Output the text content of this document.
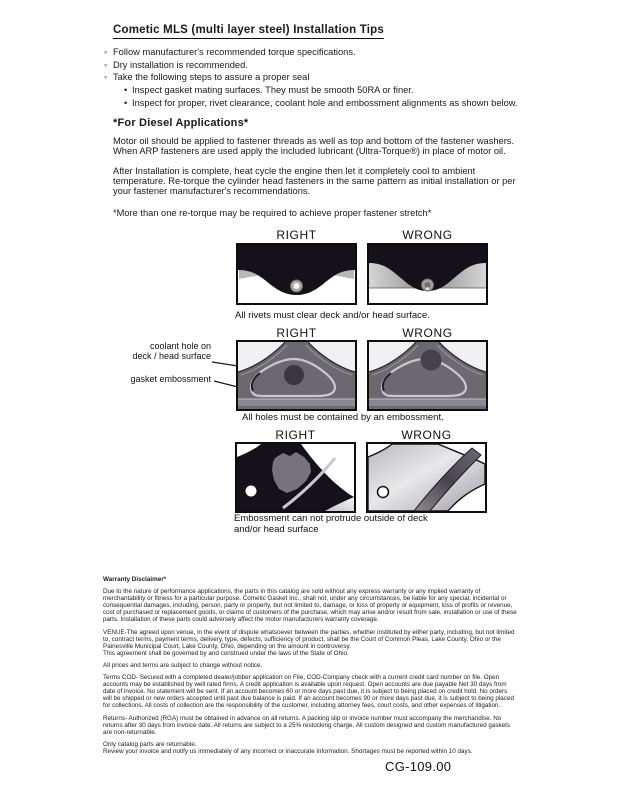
Cometic MLS (multi layer steel) Installation Tips
◦ Follow manufacturer's recommended torque specifications.
◦ Dry installation is recommended.
◦ Take the following steps to assure a proper seal
• Inspect gasket mating surfaces. They must be smooth 50RA or finer.
• Inspect for proper, rivet clearance, coolant hole and embossment alignments as shown below.
*For Diesel Applications*
Motor oil should be applied to fastener threads as well as top and bottom of the fastener washers. When ARP fasteners are used apply the included lubricant (Ultra-Torque®) in place of motor oil.
After Installation is complete, heat cycle the engine then let it completely cool to ambient temperature. Re-torque the cylinder head fasteners in the same pattern as initial installation or per your fastener manufacturer's recommendations.
*More than one re-torque may be required to achieve proper fastener stretch*
RIGHT	WRONG
All rivets must clear deck and/or head surface.
RIGHT	WRONG
coolant hole on
deck / head surface
gasket embossment
All holes must be contained by an embossment.
RIGHT	WRONG
Embossment can not protrude outside of deck and/or head surface

Warranty Disclaimer*

Due to the nature of performance applications, the parts in this catalog are sold without any express warranty or any implied warranty of merchantability or fitness for a particular purpose. Cometic Gasket Inc., shall not, under any circumstances, be liable for any special, incidental or consequential damages, including, person, party or property, but not limited to, damage, or loss of property or equipment, loss of profits or revenue, cost of purchased or replacement goods, or claims of customers of the purchase, which may arise and/or result from sale, installation or use of these parts. Installation of these parts could adversely affect the motor manufacturers warranty coverage.

VENUE-The agreed upon venue, in the event of dispute whatsoever between the parties, whether instituted by either party, including, but not limited to, contract terms, payment terms, delivery, type, defects, sufficiency of product, shall be the Court of Common Pleas, Lake County, Ohio or the Painesville Municipal Court, Lake County, Ohio, depending on the amount in controversy.

This agreement shall be governed by and construed under the laws of the State of Ohio.

All prices and terms are subject to change without notice.

Terms COD- Secured with a completed dealer/jobber application on File, COD-Company check with a current credit card number on file. Open accounts may be established by well rated firms. A credit application is available upon request. Open accounts are due payable Net 30 days from date of invoice. No statement will be sent. If an account becomes 60 or more days past due, it is subject to being placed on credit hold. No orders will be shipped or new orders accepted until past due balance is paid. If an account becomes 90 or more days past due, it is subject to being placed for collections. All costs of collection are the responsibility of the customer, including attorney fees, court costs, and other expenses of litigation.

Returns- Authorized (RGA) must be obtained in advance on all returns. A packing slip or invoice number must accompany the merchandise. No returns after 30 days from invoice date. All returns are subject to a 25% restocking charge. All custom designed and custom manufactured gaskets are non-returnable.

Only catalog parts are returnable.

Review your invoice and notify us immediately of any incorrect or inaccurate information. Shortages must be reported within 10 days.

CG-109.00
